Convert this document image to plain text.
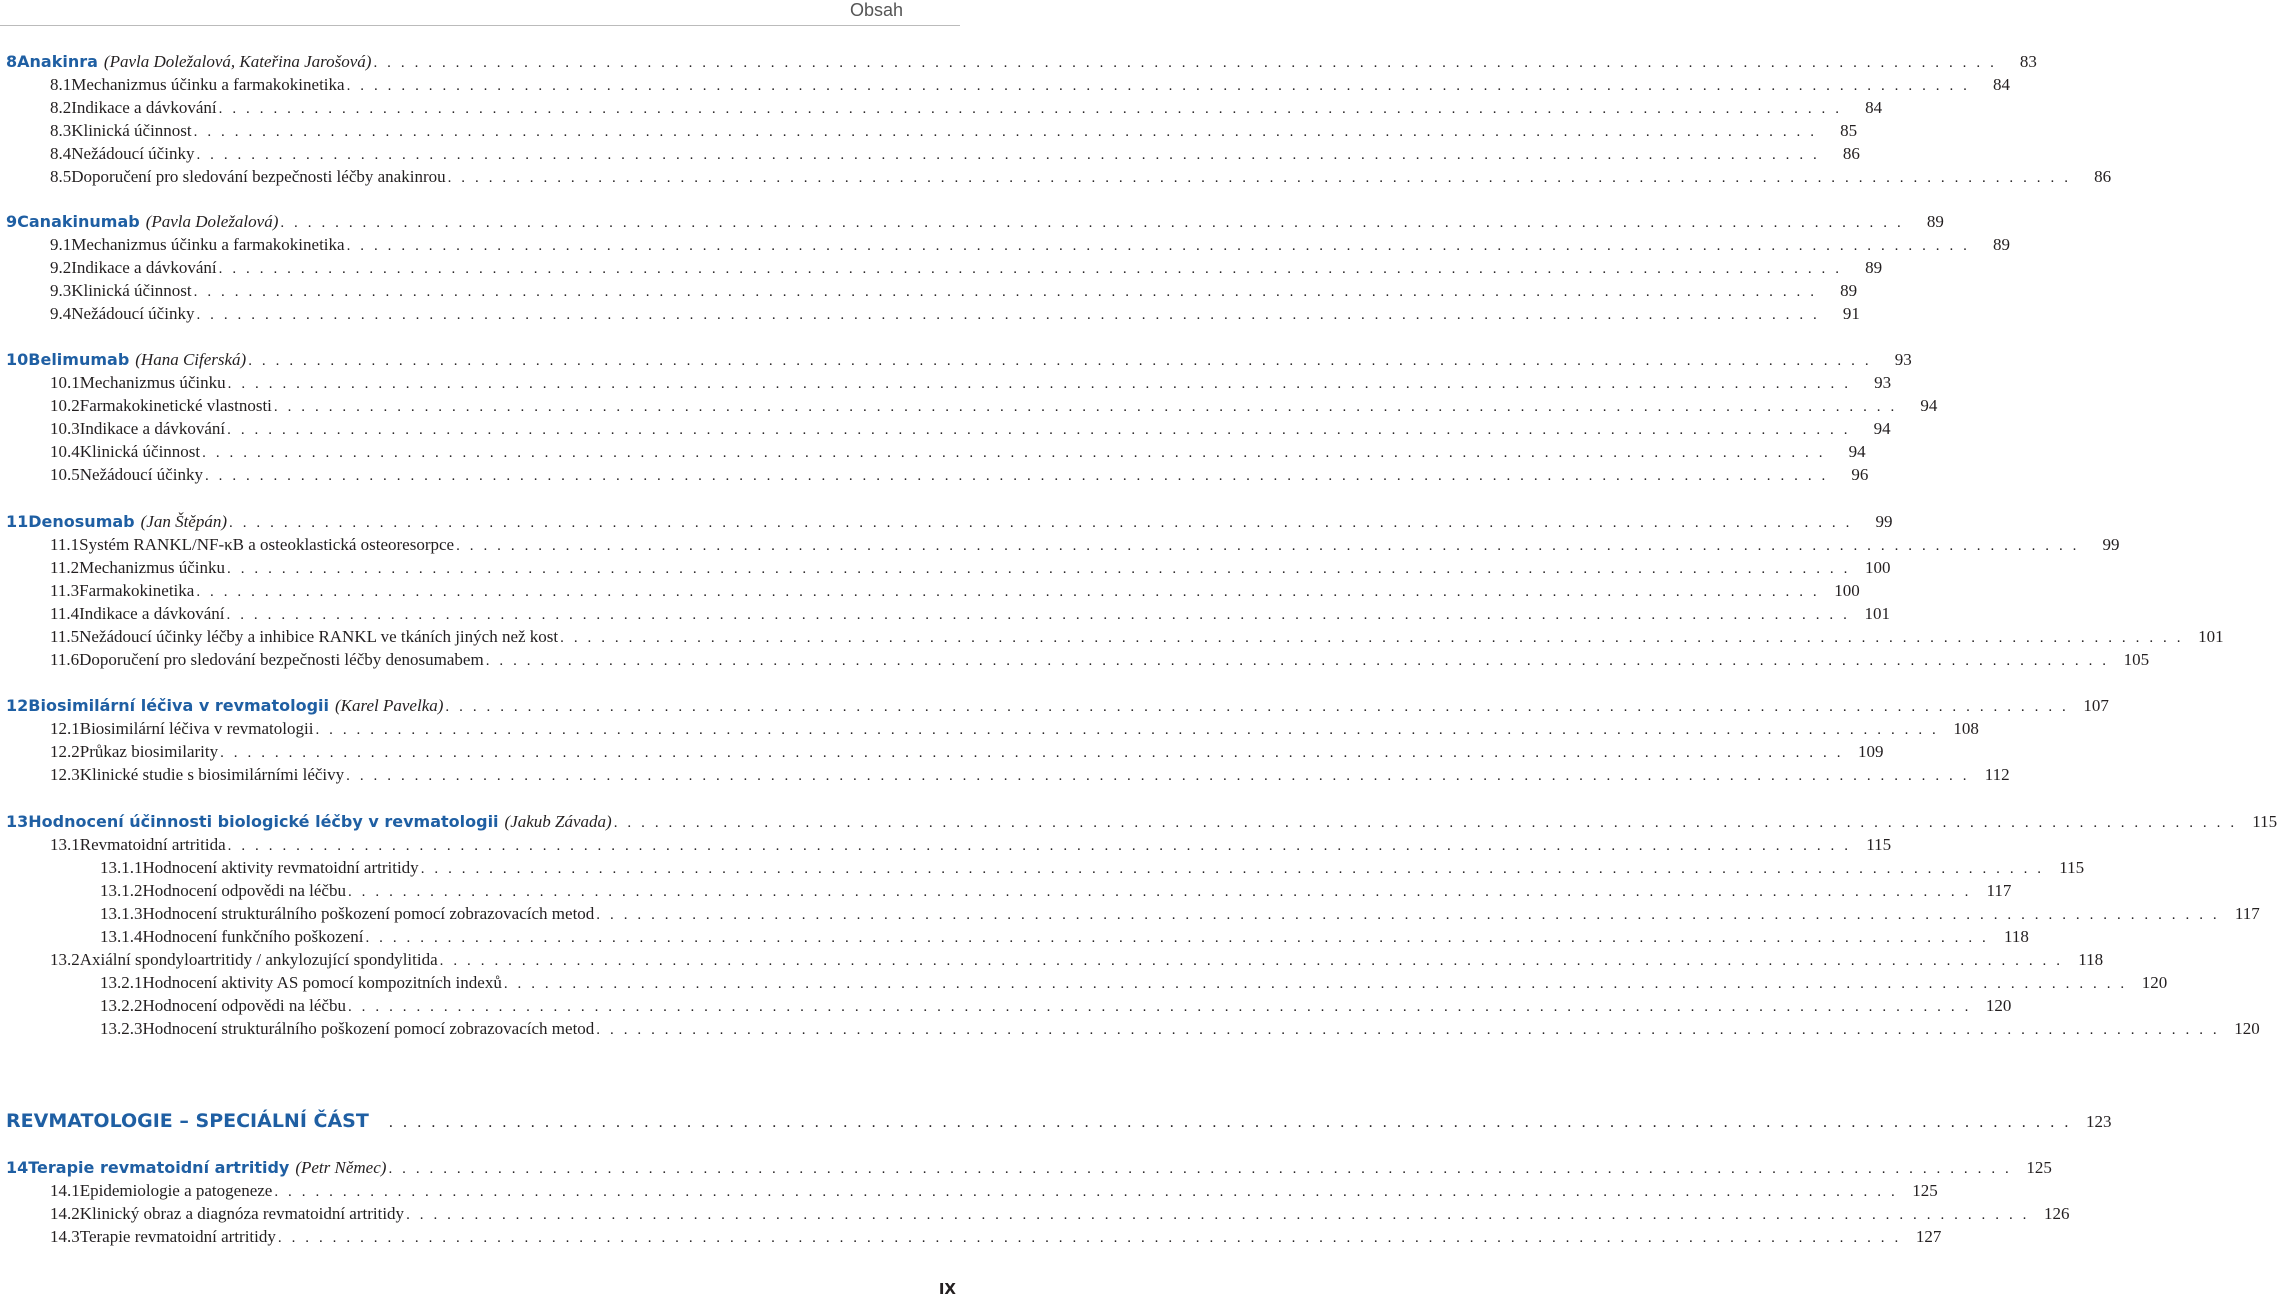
Obsah
8 Anakinra (Pavla Doležalová, Kateřina Jarošová) . . .	83
8.1 Mechanizmus účinku a farmakokinetika . . .	84
8.2 Indikace a dávkování . . .	84
8.3 Klinická účinnost . . .	85
8.4 Nežádoucí účinky . . .	86
8.5 Doporučení pro sledování bezpečnosti léčby anakinrou . . .	86
9 Canakinumab (Pavla Doležalová) . . .	89
9.1 Mechanizmus účinku a farmakokinetika . . .	89
9.2 Indikace a dávkování . . .	89
9.3 Klinická účinnost . . .	89
9.4 Nežádoucí účinky . . .	91
10 Belimumab (Hana Ciferská) . . .	93
10.1 Mechanizmus účinku . . .	93
10.2 Farmakokinetické vlastnosti . . .	94
10.3 Indikace a dávkování . . .	94
10.4 Klinická účinnost . . .	94
10.5 Nežádoucí účinky . . .	96
11 Denosumab (Jan Štěpán) . . .	99
11.1 Systém RANKL/NF-κB a osteoklastická osteoresorpce . . .	99
11.2 Mechanizmus účinku . . .	100
11.3 Farmakokinetika . . .	100
11.4 Indikace a dávkování . . .	101
11.5 Nežádoucí účinky léčby a inhibice RANKL ve tkáních jiných než kost . . .	101
11.6 Doporučení pro sledování bezpečnosti léčby denosumabem . . .	105
12 Biosimilární léčiva v revmatologii (Karel Pavelka) . . .	107
12.1 Biosimilární léčiva v revmatologii . . .	108
12.2 Průkaz biosimilarity . . .	109
12.3 Klinické studie s biosimilárními léčivy . . .	112
13 Hodnocení účinnosti biologické léčby v revmatologii (Jakub Závada) . . .	115
13.1 Revmatoidní artritida . . .	115
13.1.1 Hodnocení aktivity revmatoidní artritidy . . .	115
13.1.2 Hodnocení odpovědi na léčbu . . .	117
13.1.3 Hodnocení strukturálního poškození pomocí zobrazovacích metod . . .	117
13.1.4 Hodnocení funkčního poškození . . .	118
13.2 Axiální spondyloartritidy / ankylozující spondylitida . . .	118
13.2.1 Hodnocení aktivity AS pomocí kompozitních indexů . . .	120
13.2.2 Hodnocení odpovědi na léčbu . . .	120
13.2.3 Hodnocení strukturálního poškození pomocí zobrazovacích metod . . .	120
REVMATOLOGIE – SPECIÁLNÍ ČÁST . . .	123
14 Terapie revmatoidní artritidy (Petr Němec) . . .	125
14.1 Epidemiologie a patogeneze . . .	125
14.2 Klinický obraz a diagnóza revmatoidní artritidy . . .	126
14.3 Terapie revmatoidní artritidy . . .	127
IX
